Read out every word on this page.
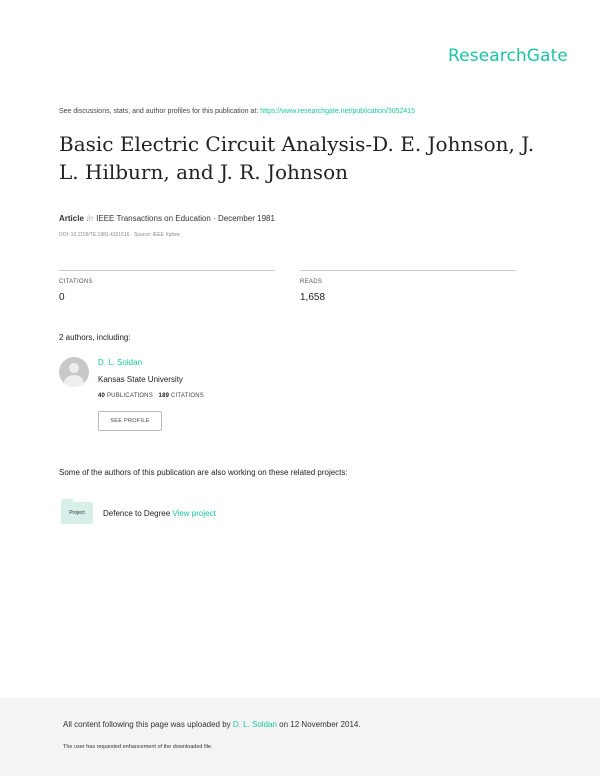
ResearchGate
See discussions, stats, and author profiles for this publication at: https://www.researchgate.net/publication/3052415
Basic Electric Circuit Analysis-D. E. Johnson, J. L. Hilburn, and J. R. Johnson
Article in IEEE Transactions on Education · December 1981
DOI: 10.1109/TE.1981.4321516 · Source: IEEE Xplore
CITATIONS
0
READS
1,658
2 authors, including:
D. L. Soldan
Kansas State University
40 PUBLICATIONS 189 CITATIONS
SEE PROFILE
Some of the authors of this publication are also working on these related projects:
Project Defence to Degree View project
All content following this page was uploaded by D. L. Soldan on 12 November 2014.
The user has requested enhancement of the downloaded file.
